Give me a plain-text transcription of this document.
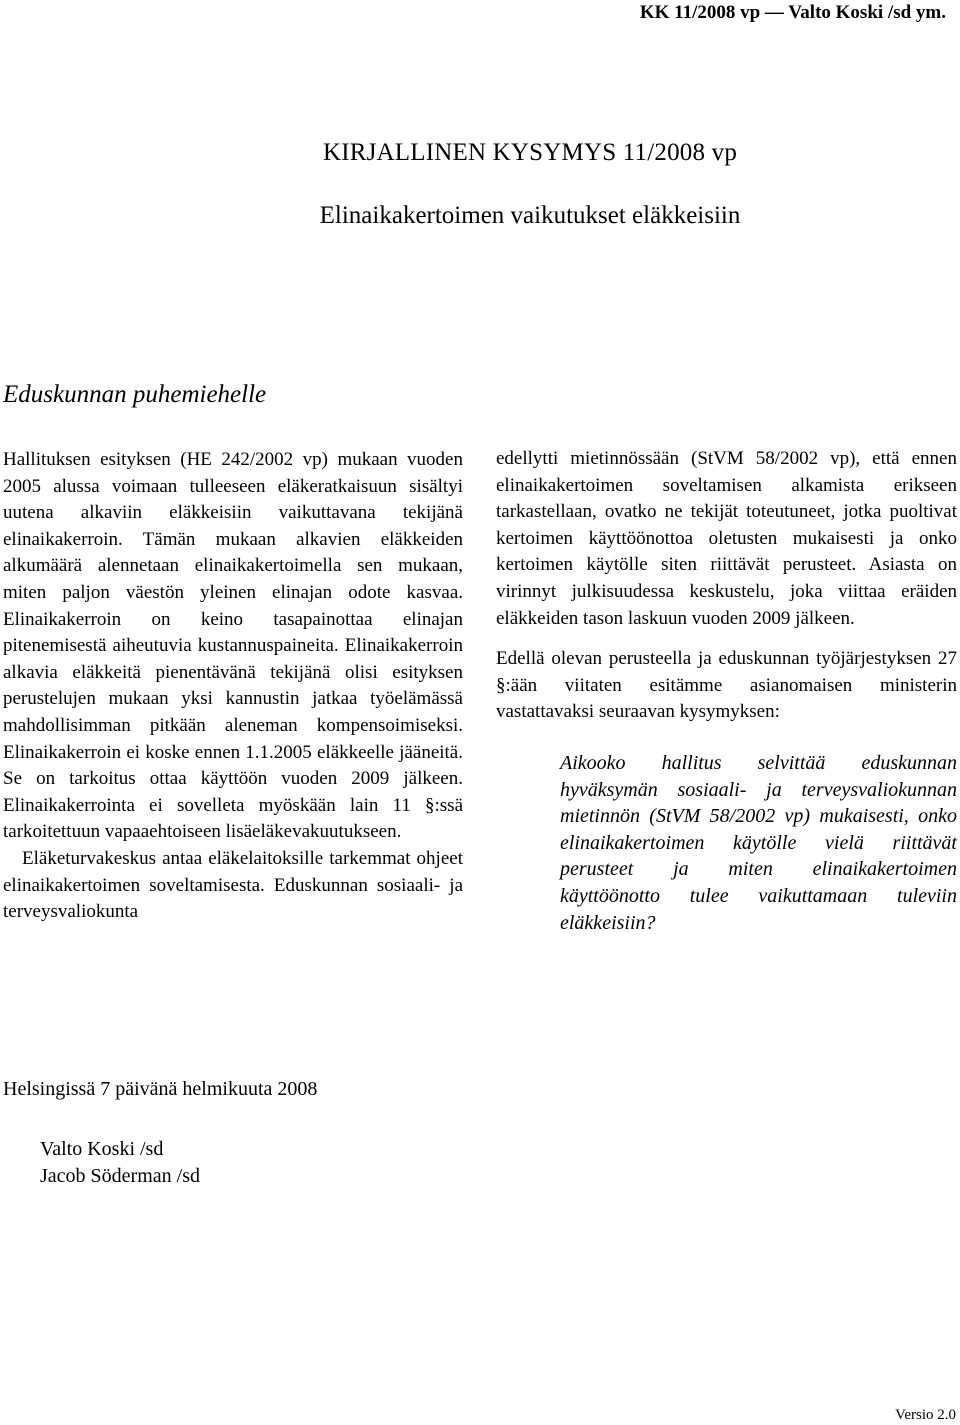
KK 11/2008 vp — Valto Koski /sd ym.
KIRJALLINEN KYSYMYS 11/2008 vp
Elinaikakertoimen vaikutukset eläkkeisiin
Eduskunnan puhemiehelle

Hallituksen esityksen (HE 242/2002 vp) mukaan vuoden 2005 alussa voimaan tulleeseen eläkeratkaisuun sisältyi uutena alkaviin eläkkeisiin vaikuttavana tekijänä elinaikakerroin. Tämän mukaan alkavien eläkkeiden alkumäärä alennetaan elinaikakertoimella sen mukaan, miten paljon väestön yleinen elinajan odote kasvaa. Elinaikakerroin on keino tasapainottaa elinajan pitenemisestä aiheutuvia kustannuspaineita. Elinaikakerroin alkavia eläkkeitä pienentävänä tekijänä olisi esityksen perustelujen mukaan yksi kannustin jatkaa työelämässä mahdollisimman pitkään aleneman kompensoimiseksi. Elinaikakerroin ei koske ennen 1.1.2005 eläkkeelle jääneitä. Se on tarkoitus ottaa käyttöön vuoden 2009 jälkeen. Elinaikakerrointa ei sovelleta myöskään lain 11 §:ssä tarkoitettuun vapaaehtoiseen lisäeläkevakuutukseen.

Eläketurvakeskus antaa eläkelaitoksille tarkemmat ohjeet elinaikakertoimen soveltamisesta. Eduskunnan sosiaali- ja terveysvaliokunta

edellytti mietinnössään (StVM 58/2002 vp), että ennen elinaikakertoimen soveltamisen alkamista erikseen tarkastellaan, ovatko ne tekijät toteutuneet, jotka puoltivat kertoimen käyttöönottoa oletusten mukaisesti ja onko kertoimen käytölle siten riittävät perusteet. Asiasta on virinnyt julkisuudessa keskustelu, joka viittaa eräiden eläkkeiden tason laskuun vuoden 2009 jälkeen.

Edellä olevan perusteella ja eduskunnan työjärjestyksen 27 §:ään viitaten esitämme asianomaisen ministerin vastattavaksi seuraavan kysymyksen:

Aikooko hallitus selvittää eduskunnan hyväksymän sosiaali- ja terveysvaliokunnan mietinnön (StVM 58/2002 vp) mukaisesti, onko elinaikakertoimen käytölle vielä riittävät perusteet ja miten elinaikakertoimen käyttöönotto tulee vaikuttamaan tuleviin eläkkeisiin?

Helsingissä 7 päivänä helmikuuta 2008
Valto Koski /sd
Jacob Söderman /sd
Versio 2.0
